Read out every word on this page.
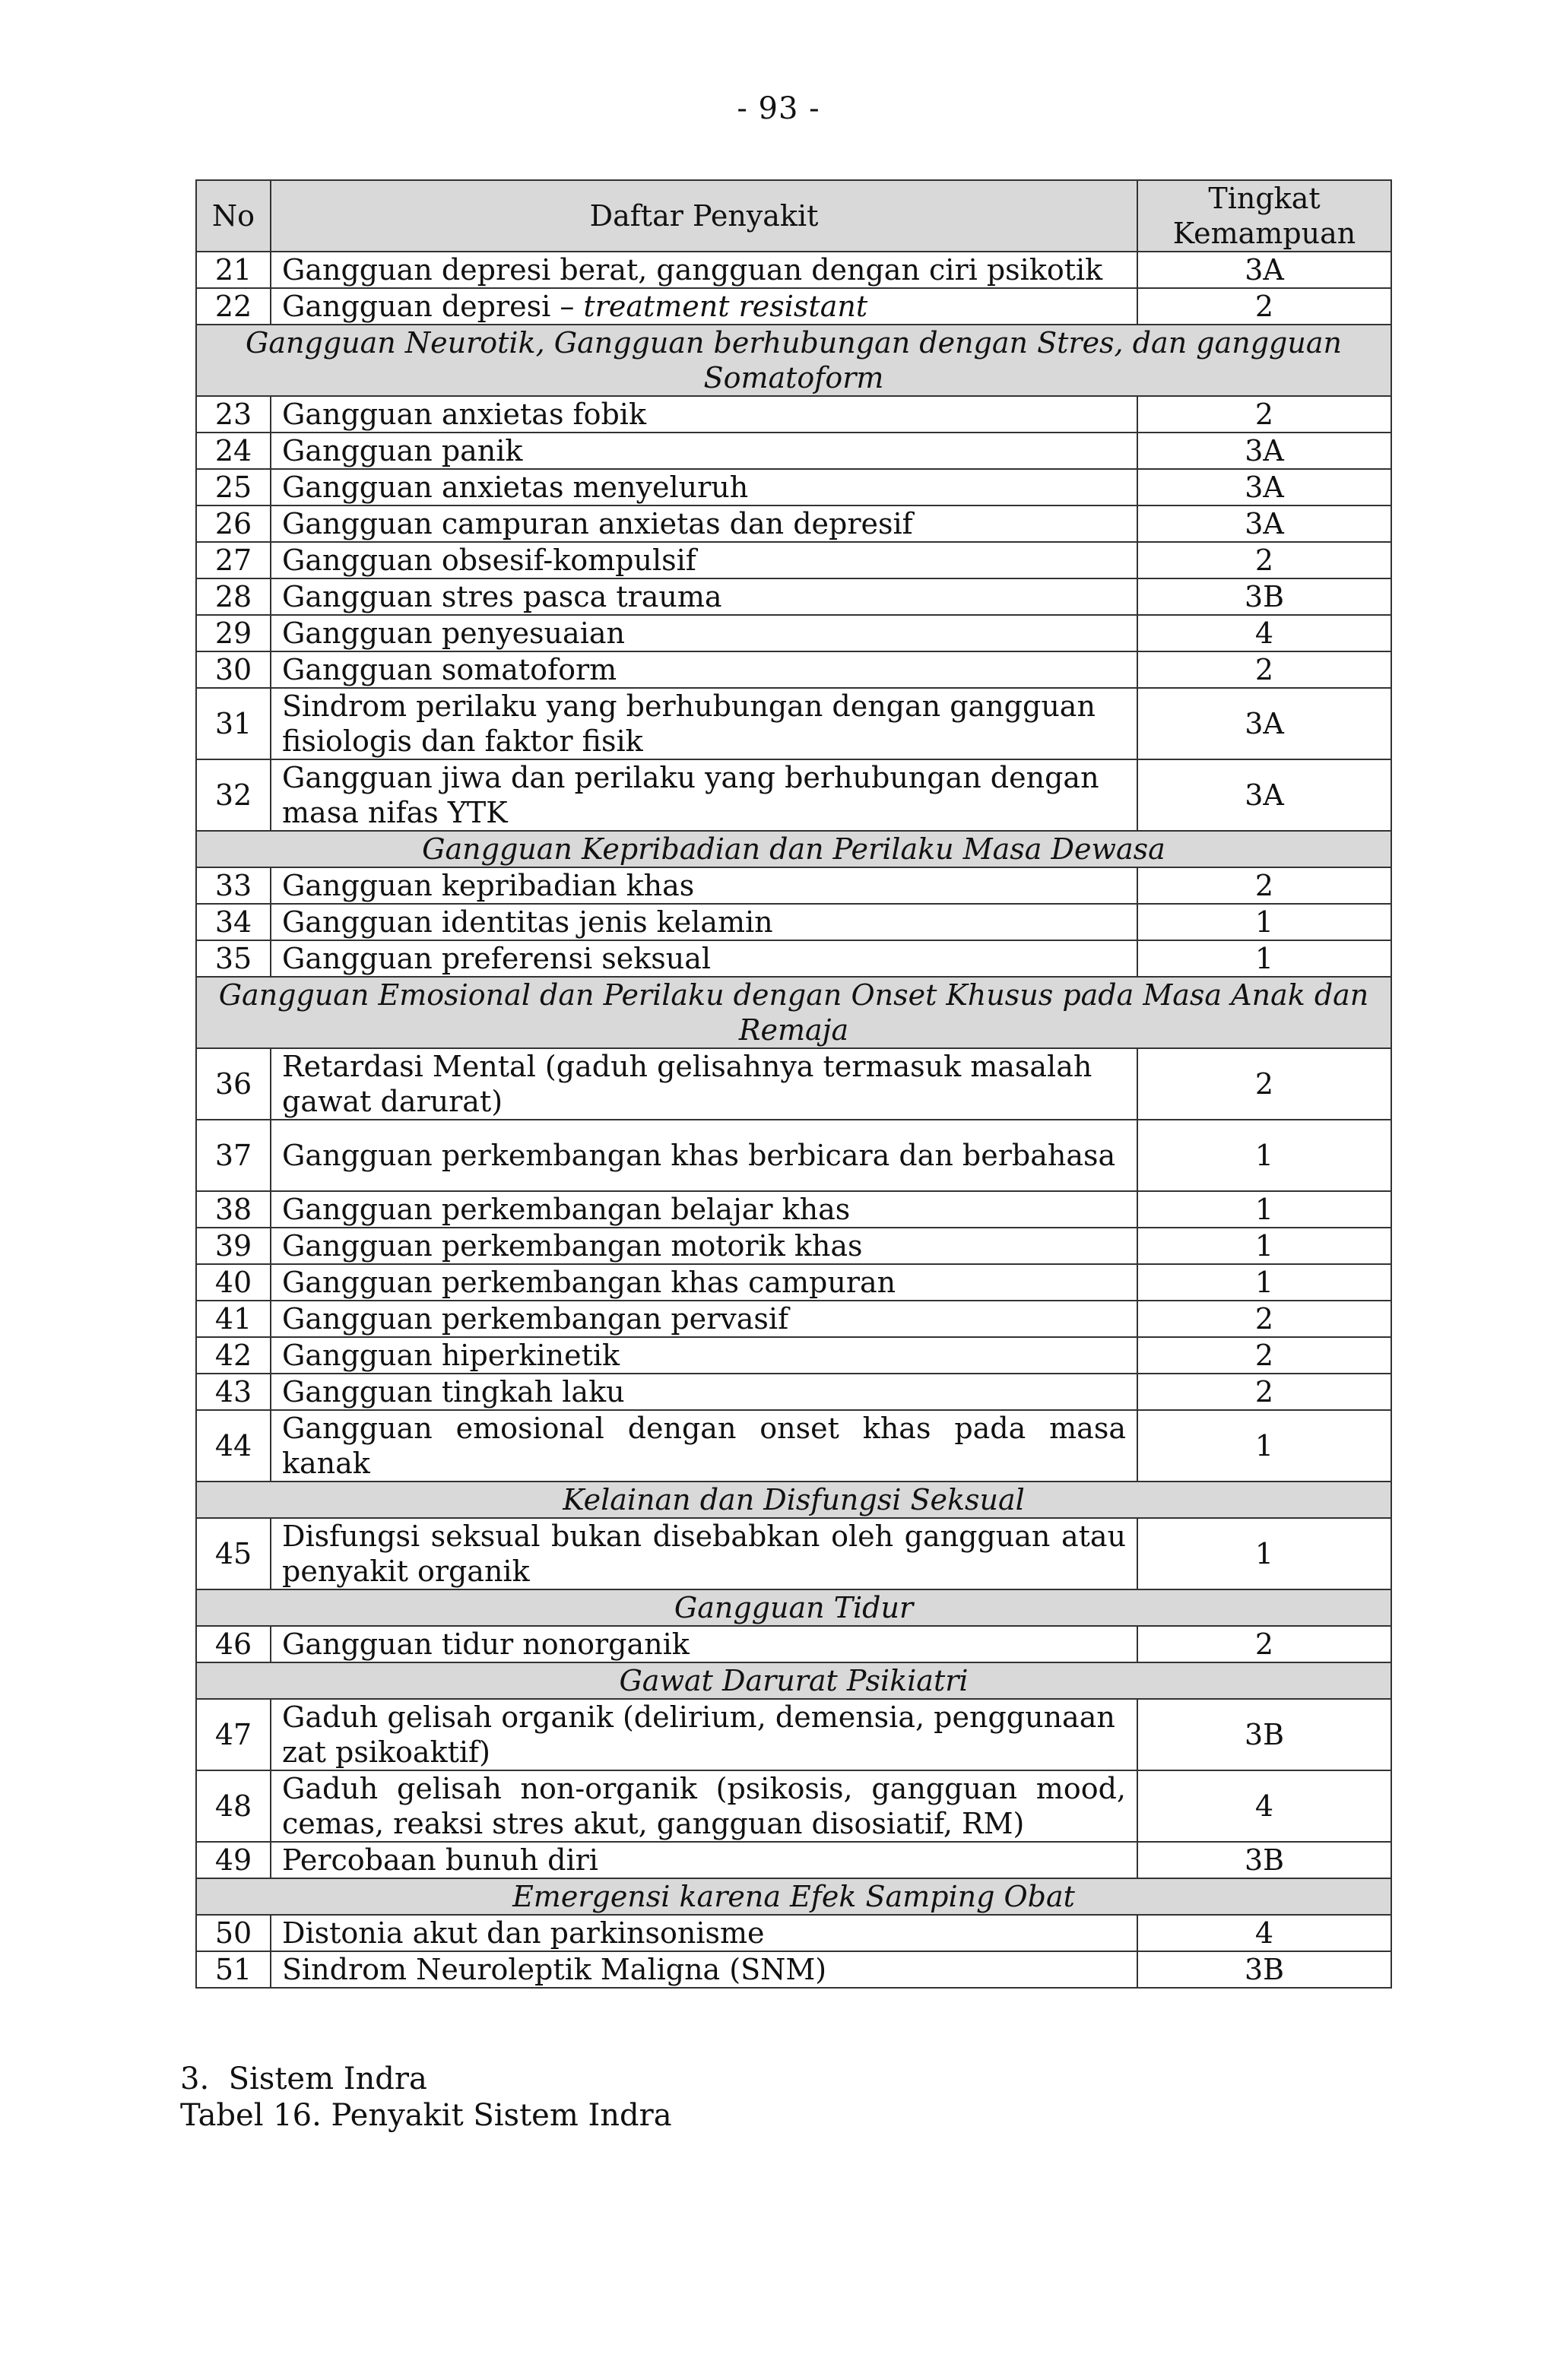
- 93 -
No	Daftar Penyakit	Tingkat Kemampuan
21	Gangguan depresi berat, gangguan dengan ciri psikotik	3A
22	Gangguan depresi – treatment resistant	2
Gangguan Neurotik, Gangguan berhubungan dengan Stres, dan gangguan Somatoform		
23	Gangguan anxietas fobik	2
24	Gangguan panik	3A
25	Gangguan anxietas menyeluruh	3A
26	Gangguan campuran anxietas dan depresif	3A
27	Gangguan obsesif-kompulsif	2
28	Gangguan stres pasca trauma	3B
29	Gangguan penyesuaian	4
30	Gangguan somatoform	2
31	Sindrom perilaku yang berhubungan dengan gangguan fisiologis dan faktor fisik	3A
32	Gangguan jiwa dan perilaku yang berhubungan dengan masa nifas YTK	3A
Gangguan Kepribadian dan Perilaku Masa Dewasa		
33	Gangguan kepribadian khas	2
34	Gangguan identitas jenis kelamin	1
35	Gangguan preferensi seksual	1
Gangguan Emosional dan Perilaku dengan Onset Khusus pada Masa Anak dan Remaja		
36	Retardasi Mental (gaduh gelisahnya termasuk masalah gawat darurat)	2
37	Gangguan perkembangan khas berbicara dan berbahasa	1
38	Gangguan perkembangan belajar khas	1
39	Gangguan perkembangan motorik khas	1
40	Gangguan perkembangan khas campuran	1
41	Gangguan perkembangan pervasif	2
42	Gangguan hiperkinetik	2
43	Gangguan tingkah laku	2
44	Gangguan emosional dengan onset khas pada masa kanak	1
Kelainan dan Disfungsi Seksual		
45	Disfungsi seksual bukan disebabkan oleh gangguan atau penyakit organik	1
Gangguan Tidur		
46	Gangguan tidur nonorganik	2
Gawat Darurat Psikiatri		
47	Gaduh gelisah organik (delirium, demensia, penggunaan zat psikoaktif)	3B
48	Gaduh gelisah non-organik (psikosis, gangguan mood, cemas, reaksi stres akut, gangguan disosiatif, RM)	4
49	Percobaan bunuh diri	3B
Emergensi karena Efek Samping Obat		
50	Distonia akut dan parkinsonisme	4
51	Sindrom Neuroleptik Maligna (SNM)	3B
3.  Sistem Indra
Tabel 16. Penyakit Sistem Indra
